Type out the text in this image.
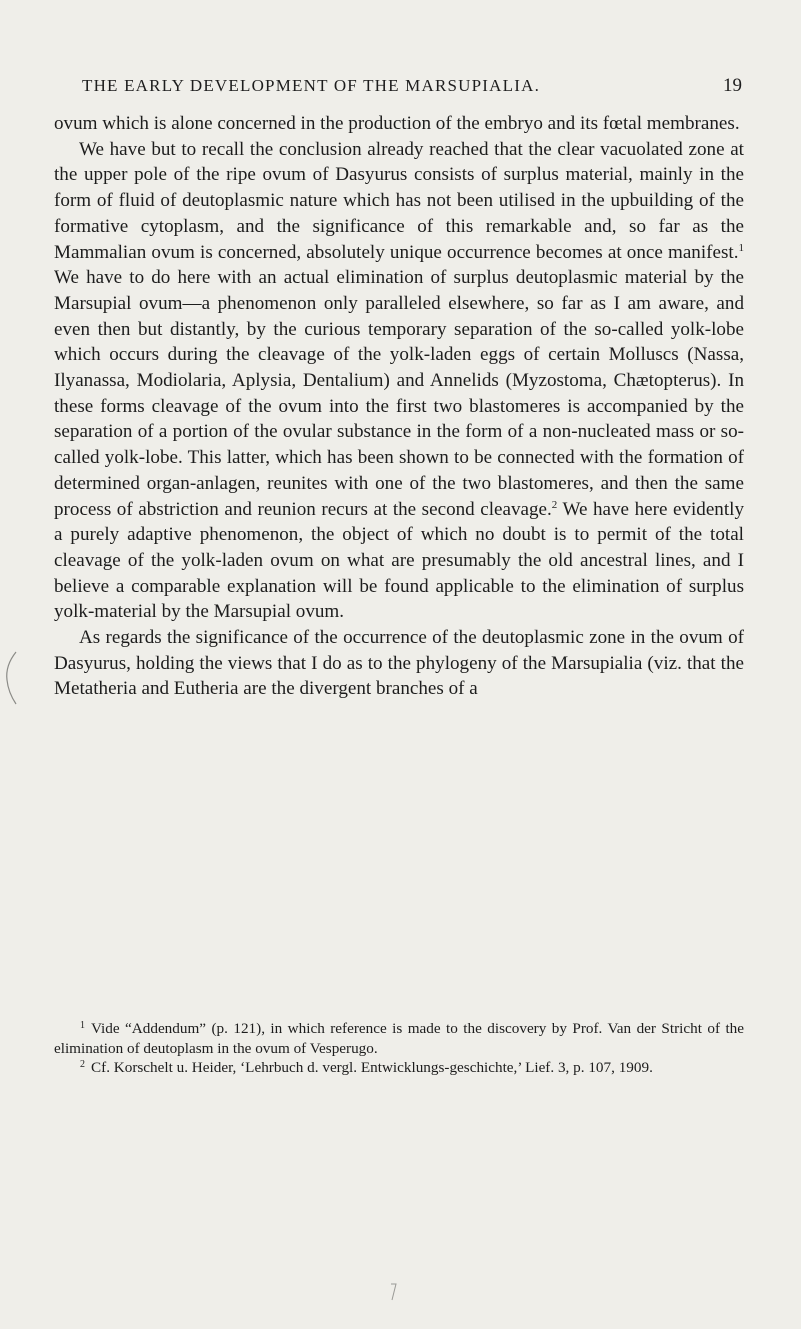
THE EARLY DEVELOPMENT OF THE MARSUPIALIA.	19

ovum which is alone concerned in the production of the embryo and its fœtal membranes.

We have but to recall the conclusion already reached that the clear vacuolated zone at the upper pole of the ripe ovum of Dasyurus consists of surplus material, mainly in the form of fluid of deutoplasmic nature which has not been utilised in the upbuilding of the formative cytoplasm, and the significance of this remarkable and, so far as the Mammalian ovum is concerned, absolutely unique occurrence becomes at once manifest.$^1$ We have to do here with an actual elimination of surplus deutoplasmic material by the Marsupial ovum—a phenomenon only paralleled elsewhere, so far as I am aware, and even then but distantly, by the curious temporary separation of the so-called yolk-lobe which occurs during the cleavage of the yolk-laden eggs of certain Molluscs (Nassa, Ilyanassa, Modiolaria, Aplysia, Dentalium) and Annelids (Myzostoma, Chætopterus). In these forms cleavage of the ovum into the first two blastomeres is accompanied by the separation of a portion of the ovular substance in the form of a non-nucleated mass or so-called yolk-lobe. This latter, which has been shown to be connected with the formation of determined organ-anlagen, reunites with one of the two blastomeres, and then the same process of abstriction and reunion recurs at the second cleavage.$^2$ We have here evidently a purely adaptive phenomenon, the object of which no doubt is to permit of the total cleavage of the yolk-laden ovum on what are presumably the old ancestral lines, and I believe a comparable explanation will be found applicable to the elimination of surplus yolk-material by the Marsupial ovum.

As regards the significance of the occurrence of the deutoplasmic zone in the ovum of Dasyurus, holding the views that I do as to the phylogeny of the Marsupialia (viz. that the Metatheria and Eutheria are the divergent branches of a

$^1$ Vide “Addendum” (p. 121), in which reference is made to the discovery by Prof. Van der Stricht of the elimination of deutoplasm in the ovum of Vesperugo.

$^2$ Cf. Korschelt u. Heider, ‘Lehrbuch d. vergl. Entwicklungs-geschichte,’ Lief. 3, p. 107, 1909.
